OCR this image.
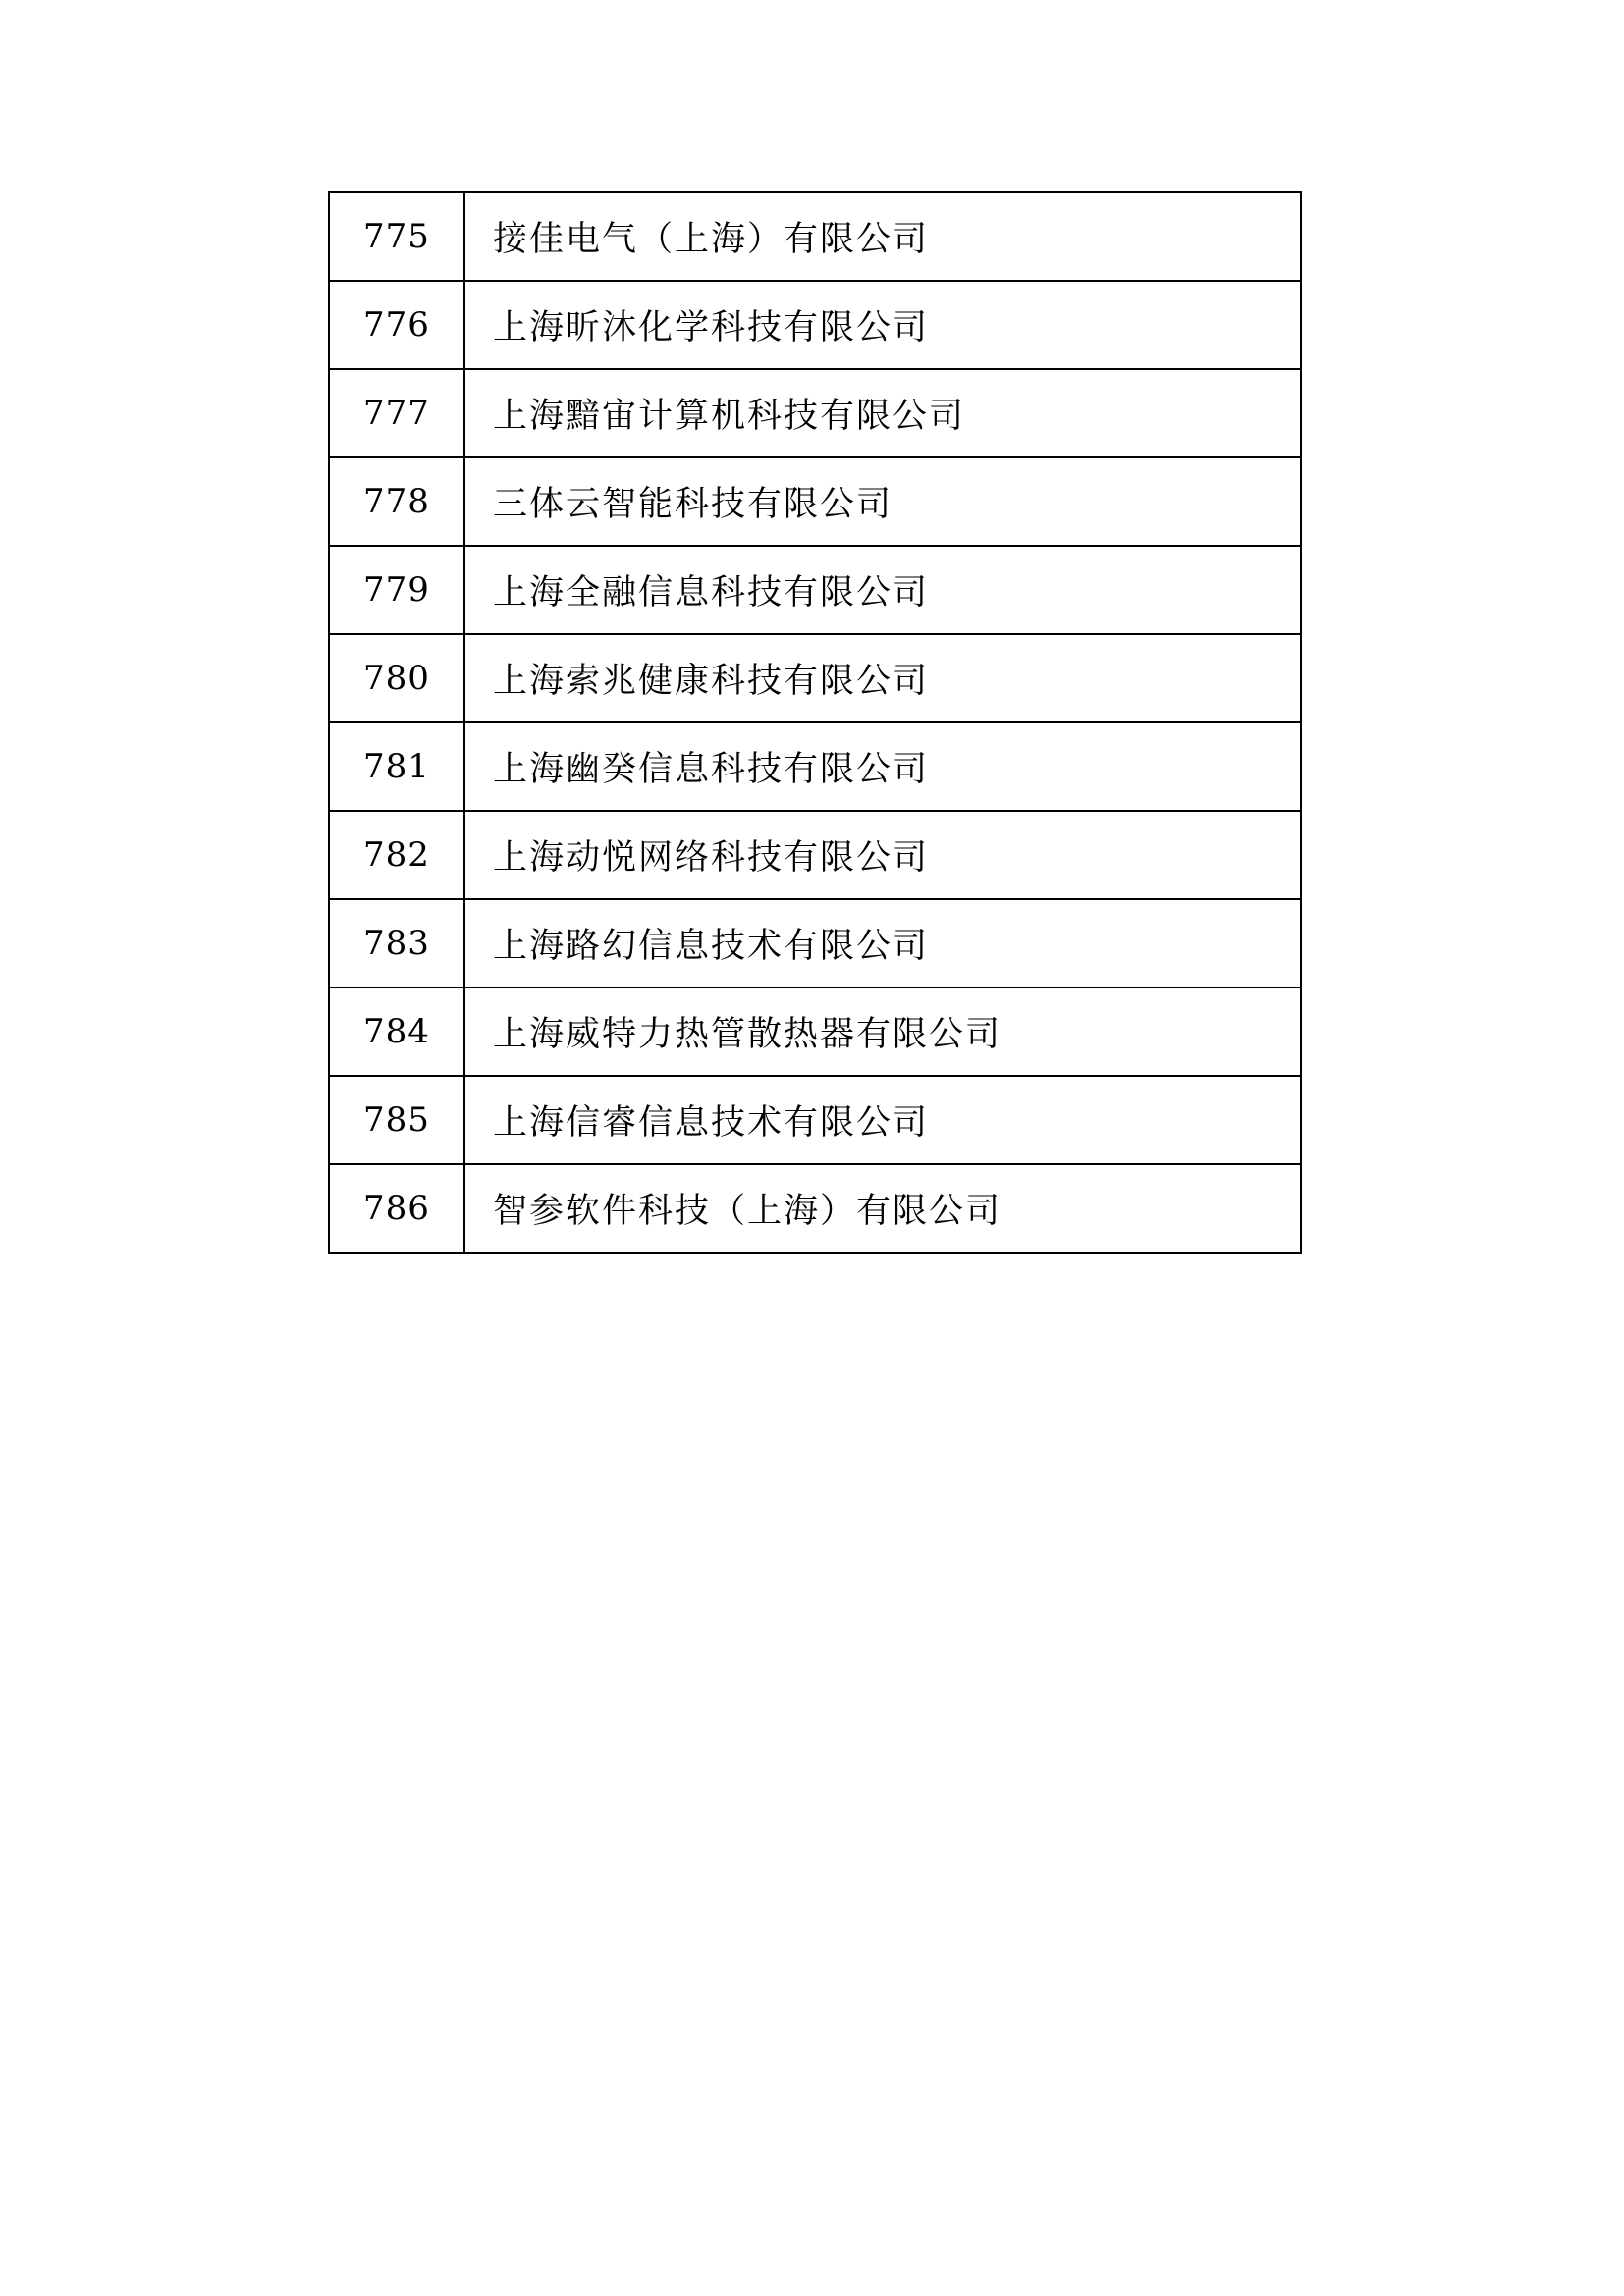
775	接佳电气（上海）有限公司
776	上海昕沐化学科技有限公司
777	上海黯宙计算机科技有限公司
778	三体云智能科技有限公司
779	上海全融信息科技有限公司
780	上海索兆健康科技有限公司
781	上海幽癸信息科技有限公司
782	上海动悦网络科技有限公司
783	上海路幻信息技术有限公司
784	上海威特力热管散热器有限公司
785	上海信睿信息技术有限公司
786	智参软件科技（上海）有限公司
